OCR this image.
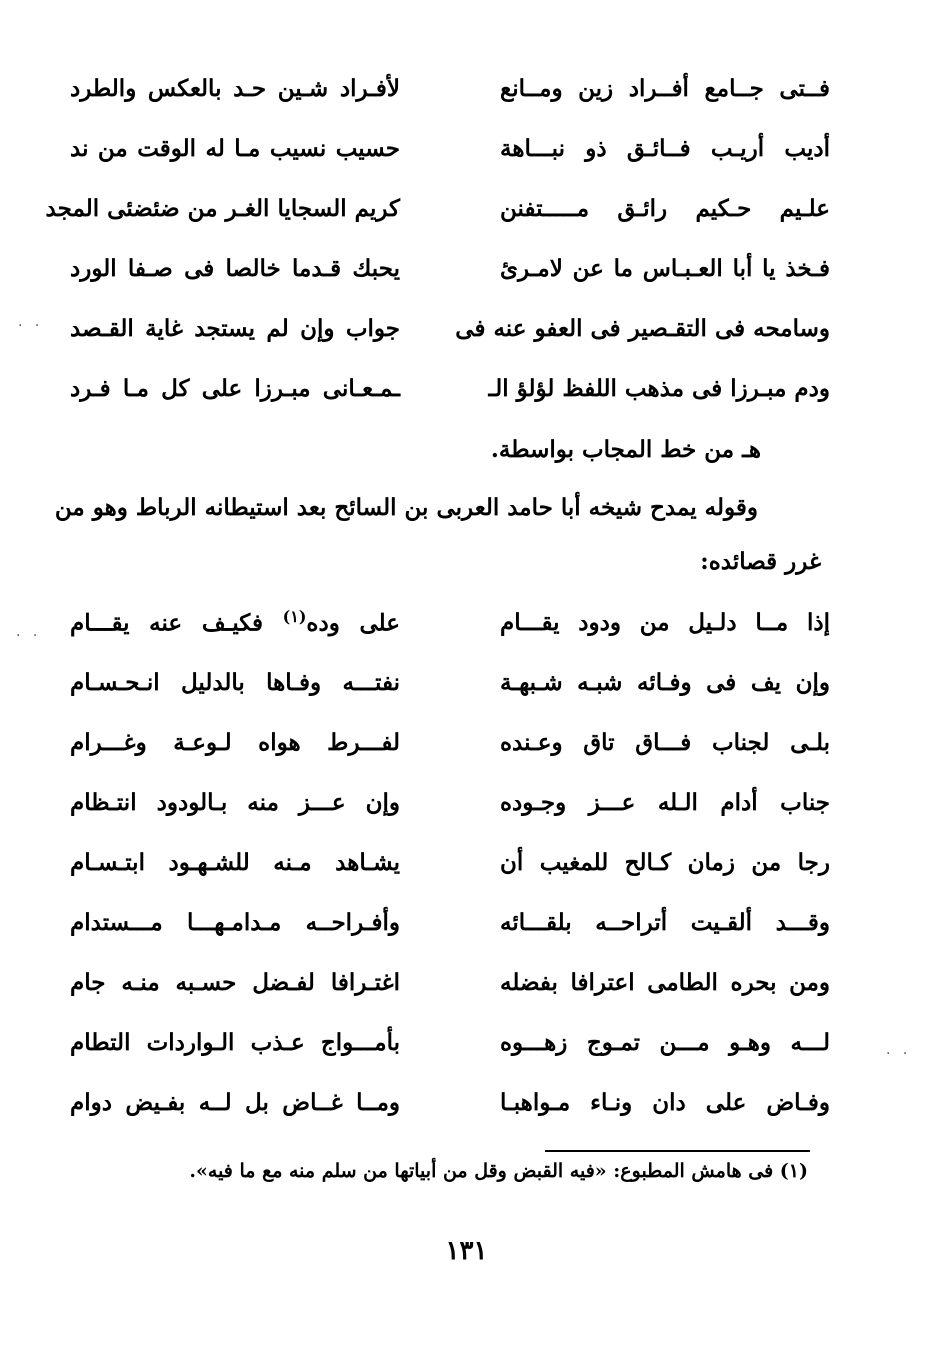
فــتى جــامع أفــراد زين ومــانع
لأفـراد شـين حـد بالعكس والطرد
أديب أريـب فــائـق ذو نبـــاهة
حسيب نسيب مـا له الوقت من ند
علـيم حـكيم رائـق مـــــتفنن
كريم السجايا الغـر من ضئضئى المجد
فـخذ يا أبا العـبـاس ما عن لامـرئ
يحبك قـدما خالصا فى صـفا الورد
وسامحه فى التقـصير فى العفو عنه فى
جواب وإن لم يستجد غاية القـصد
ودم مبـرزا فى مذهب اللفظ لؤلؤ الـ
ـمـعـانى مبـرزا على كل مـا فـرد
هـ من خط المجاب بواسطة.
وقوله يمدح شيخه أبا حامد العربى بن السائح بعد استيطانه الرباط وهو من
غرر قصائده:
إذا مــا دلـيل من ودود يقـــام
على وده$^{(١)}$ فكيـف عنه يقـــام
وإن يف فى وفـائه شبـه شـبهـة
نفتـــه وفـاها بالدليل انـحـسـام
بلـى لجناب فـــاق تاق وعـنده
لفـــرط هواه لـوعـة وغـــرام
جناب أدام الـله عـــز وجـوده
وإن عـــز منه بـالودود انتـظام
رجا من زمان كـالح للمغيب أن
يشـاهد مـنه للشـهـود ابتـسـام
وقـــد ألقـيت أتراحــه بلقـــائه
وأفـراحــه مـدامـهـــا مـــستدام
ومن بحره الطامى اعترافا بفضله
اغتـرافا لفـضل حسـبه منـه جام
لـــه وهـو مـــن تمـوج زهـــوه
بأمـــواج عـذب الـواردات التطام
وفـاض على دان ونـاء مـواهبـا
ومــا غــاض بل لــه بفـيض دوام
(١) فى هامش المطبوع: «فيه القبض وقل من أبياتها من سلم منه مع ما فيه».
١٣١
· ·
· ·
· ·
